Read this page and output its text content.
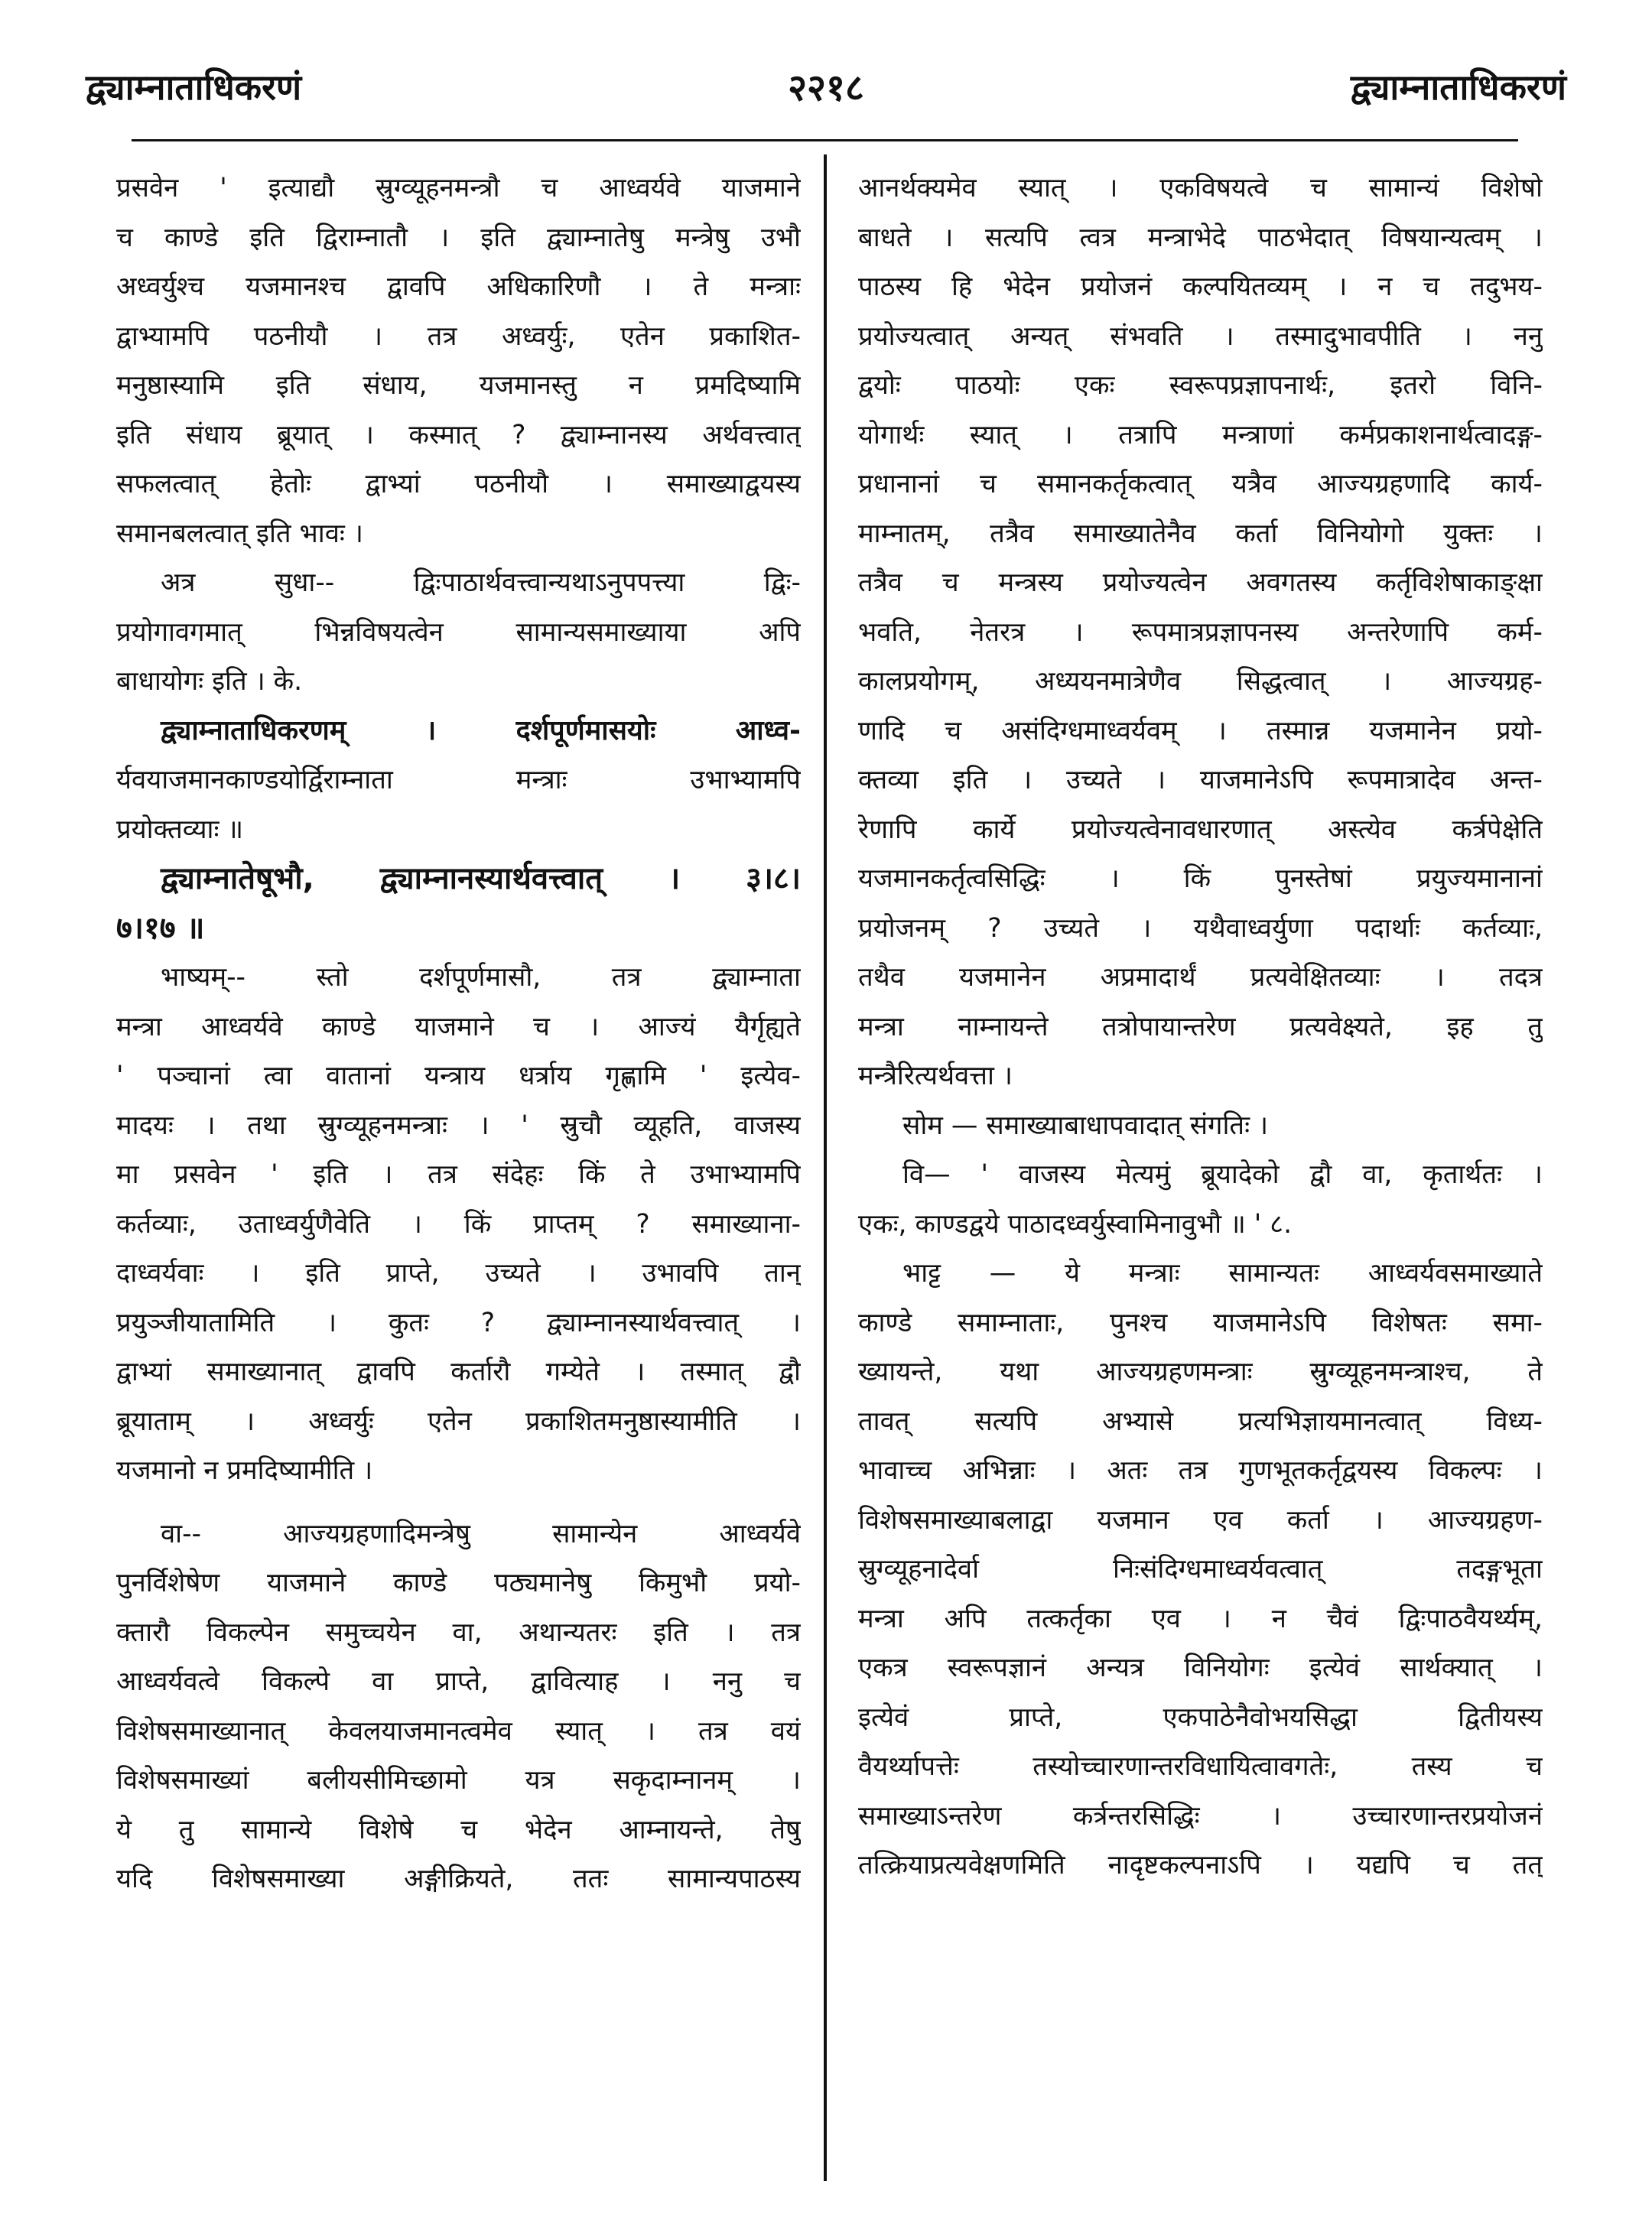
द्व्याम्नाताधिकरणं	२२१८	द्व्याम्नाताधिकरणं
प्रसवेन ' इत्याद्यौ स्रुग्व्यूहनमन्त्रौ च आध्वर्यवे याजमाने
च काण्डे इति द्विराम्नातौ । इति द्व्याम्नातेषु मन्त्रेषु उभौ
अध्वर्युश्च यजमानश्च द्वावपि अधिकारिणौ । ते मन्त्राः
द्वाभ्यामपि पठनीयौ । तत्र अध्वर्युः, एतेन प्रकाशित-
मनुष्ठास्यामि इति संधाय, यजमानस्तु न प्रमदिष्यामि
इति संधाय ब्रूयात् । कस्मात् ? द्व्याम्नानस्य अर्थवत्त्वात्
सफलत्वात् हेतोः द्वाभ्यां पठनीयौ । समाख्याद्वयस्य
समानबलत्वात् इति भावः ।
अत्र सुधा-- द्विःपाठार्थवत्त्वान्यथाऽनुपपत्त्या द्विः-
प्रयोगावगमात् भिन्नविषयत्वेन सामान्यसमाख्याया अपि
बाधायोगः इति । के.
द्व्याम्नाताधिकरणम् । दर्शपूर्णमासयोः आध्व-
र्यवयाजमानकाण्डयोर्द्विराम्नाता मन्त्राः उभाभ्यामपि
प्रयोक्तव्याः ॥
द्व्याम्नातेषूभौ, द्व्याम्नानस्यार्थवत्त्वात् । ३।८।
७।१७ ॥
भाष्यम्-- स्तो दर्शपूर्णमासौ, तत्र द्व्याम्नाता
मन्त्रा आध्वर्यवे काण्डे याजमाने च । आज्यं यैर्गृह्यते
' पञ्चानां त्वा वातानां यन्त्राय धर्त्राय गृह्णामि ' इत्येव-
मादयः । तथा स्रुग्व्यूहनमन्त्राः । ' स्रुचौ व्यूहति, वाजस्य
मा प्रसवेन ' इति । तत्र संदेहः किं ते उभाभ्यामपि
कर्तव्याः, उताध्वर्युणैवेति । किं प्राप्तम् ? समाख्याना-
दाध्वर्यवाः । इति प्राप्ते, उच्यते । उभावपि तान्
प्रयुञ्जीयातामिति । कुतः ? द्व्याम्नानस्यार्थवत्त्वात् ।
द्वाभ्यां समाख्यानात् द्वावपि कर्तारौ गम्येते । तस्मात् द्वौ
ब्रूयाताम् । अध्वर्युः एतेन प्रकाशितमनुष्ठास्यामीति ।
यजमानो न प्रमदिष्यामीति ।
वा-- आज्यग्रहणादिमन्त्रेषु सामान्येन आध्वर्यवे
पुनर्विशेषेण याजमाने काण्डे पठ्यमानेषु किमुभौ प्रयो-
क्तारौ विकल्पेन समुच्चयेन वा, अथान्यतरः इति । तत्र
आध्वर्यवत्वे विकल्पे वा प्राप्ते, द्वावित्याह । ननु च
विशेषसमाख्यानात् केवलयाजमानत्वमेव स्यात् । तत्र वयं
विशेषसमाख्यां बलीयसीमिच्छामो यत्र सकृदाम्नानम् ।
ये तु सामान्ये विशेषे च भेदेन आम्नायन्ते, तेषु
यदि विशेषसमाख्या अङ्गीक्रियते, ततः सामान्यपाठस्य
आनर्थक्यमेव स्यात् । एकविषयत्वे च सामान्यं विशेषो
बाधते । सत्यपि त्वत्र मन्त्राभेदे पाठभेदात् विषयान्यत्वम् ।
पाठस्य हि भेदेन प्रयोजनं कल्पयितव्यम् । न च तदुभय-
प्रयोज्यत्वात् अन्यत् संभवति । तस्मादुभावपीति । ननु
द्वयोः पाठयोः एकः स्वरूपप्रज्ञापनार्थः, इतरो विनि-
योगार्थः स्यात् । तत्रापि मन्त्राणां कर्मप्रकाशनार्थत्वादङ्ग-
प्रधानानां च समानकर्तृकत्वात् यत्रैव आज्यग्रहणादि कार्य-
माम्नातम्, तत्रैव समाख्यातेनैव कर्ता विनियोगो युक्तः ।
तत्रैव च मन्त्रस्य प्रयोज्यत्वेन अवगतस्य कर्तृविशेषाकाङ्क्षा
भवति, नेतरत्र । रूपमात्रप्रज्ञापनस्य अन्तरेणापि कर्म-
कालप्रयोगम्, अध्ययनमात्रेणैव सिद्धत्वात् । आज्यग्रह-
णादि च असंदिग्धमाध्वर्यवम् । तस्मान्न यजमानेन प्रयो-
क्तव्या इति । उच्यते । याजमानेऽपि रूपमात्रादेव अन्त-
रेणापि कार्ये प्रयोज्यत्वेनावधारणात् अस्त्येव कर्त्रपेक्षेति
यजमानकर्तृत्वसिद्धिः । किं पुनस्तेषां प्रयुज्यमानानां
प्रयोजनम् ? उच्यते । यथैवाध्वर्युणा पदार्थाः कर्तव्याः,
तथैव यजमानेन अप्रमादार्थं प्रत्यवेक्षितव्याः । तदत्र
मन्त्रा नाम्नायन्ते तत्रोपायान्तरेण प्रत्यवेक्ष्यते, इह तु
मन्त्रैरित्यर्थवत्ता ।
सोम — समाख्याबाधापवादात् संगतिः ।
वि— ' वाजस्य मेत्यमुं ब्रूयादेको द्वौ वा, कृतार्थतः ।
एकः, काण्डद्वये पाठादध्वर्युस्वामिनावुभौ ॥ ' ८.
भाट्ट — ये मन्त्राः सामान्यतः आध्वर्यवसमाख्याते
काण्डे समाम्नाताः, पुनश्च याजमानेऽपि विशेषतः समा-
ख्यायन्ते, यथा आज्यग्रहणमन्त्राः स्रुग्व्यूहनमन्त्राश्च, ते
तावत् सत्यपि अभ्यासे प्रत्यभिज्ञायमानत्वात् विध्य-
भावाच्च अभिन्नाः । अतः तत्र गुणभूतकर्तृद्वयस्य विकल्पः ।
विशेषसमाख्याबलाद्वा यजमान एव कर्ता । आज्यग्रहण-
स्रुग्व्यूहनादेर्वा निःसंदिग्धमाध्वर्यवत्वात् तदङ्गभूता
मन्त्रा अपि तत्कर्तृका एव । न चैवं द्विःपाठवैयर्थ्यम्,
एकत्र स्वरूपज्ञानं अन्यत्र विनियोगः इत्येवं सार्थक्यात् ।
इत्येवं प्राप्ते, एकपाठेनैवोभयसिद्धा द्वितीयस्य
वैयर्थ्यापत्तेः तस्योच्चारणान्तरविधायित्वावगतेः, तस्य च
समाख्याऽन्तरेण कर्त्रन्तरसिद्धिः । उच्चारणान्तरप्रयोजनं
तत्क्रियाप्रत्यवेक्षणमिति नादृष्टकल्पनाऽपि । यद्यपि च तत्
